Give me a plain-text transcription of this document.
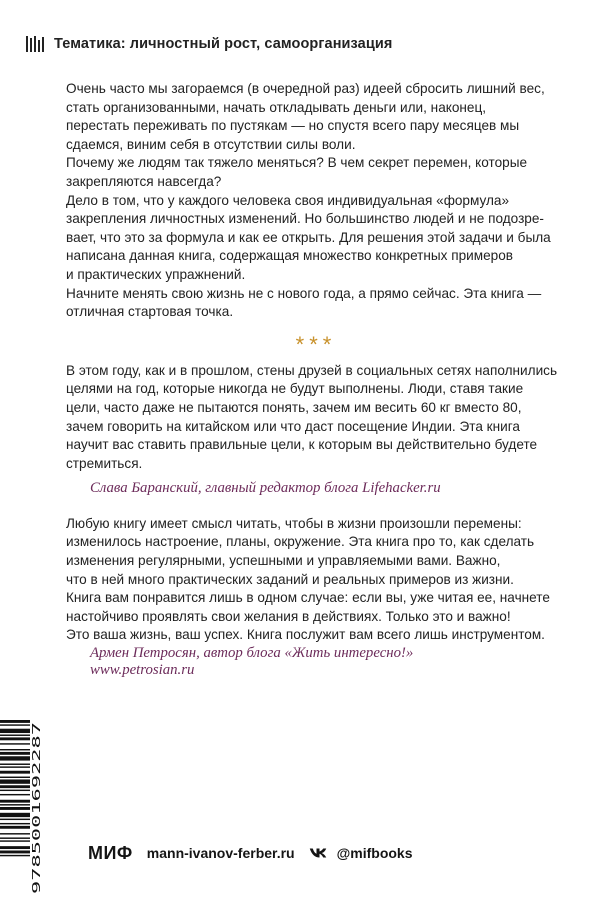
Тематика: личностный рост, самоорганизация

Очень часто мы загораемся (в очередной раз) идеей сбросить лишний вес,
стать организованными, начать откладывать деньги или, наконец,
перестать переживать по пустякам — но спустя всего пару месяцев мы
сдаемся, виним себя в отсутствии силы воли.
Почему же людям так тяжело меняться? В чем секрет перемен, которые
закрепляются навсегда?
Дело в том, что у каждого человека своя индивидуальная «формула»
закрепления личностных изменений. Но большинство людей и не подозре-
вает, что это за формула и как ее открыть. Для решения этой задачи и была
написана данная книга, содержащая множество конкретных примеров
и практических упражнений.
Начните менять свою жизнь не с нового года, а прямо сейчас. Эта книга —
отличная стартовая точка.

***

В этом году, как и в прошлом, стены друзей в социальных сетях наполнились
целями на год, которые никогда не будут выполнены. Люди, ставя такие
цели, часто даже не пытаются понять, зачем им весить 60 кг вместо 80,
зачем говорить на китайском или что даст посещение Индии. Эта книга
научит вас ставить правильные цели, к которым вы действительно будете
стремиться.

Слава Баранский, главный редактор блога Lifehacker.ru

Любую книгу имеет смысл читать, чтобы в жизни произошли перемены:
изменилось настроение, планы, окружение. Эта книга про то, как сделать
изменения регулярными, успешными и управляемыми вами. Важно,
что в ней много практических заданий и реальных примеров из жизни.
Книга вам понравится лишь в одном случае: если вы, уже читая ее, начнете
настойчиво проявлять свои желания в действиях. Только это и важно!
Это ваша жизнь, ваш успех. Книга послужит вам всего лишь инструментом.

Армен Петросян, автор блога «Жить интересно!»
www.petrosian.ru

9785001692287	МИФ mann-ivanov-ferber.ru	@mifbooks
